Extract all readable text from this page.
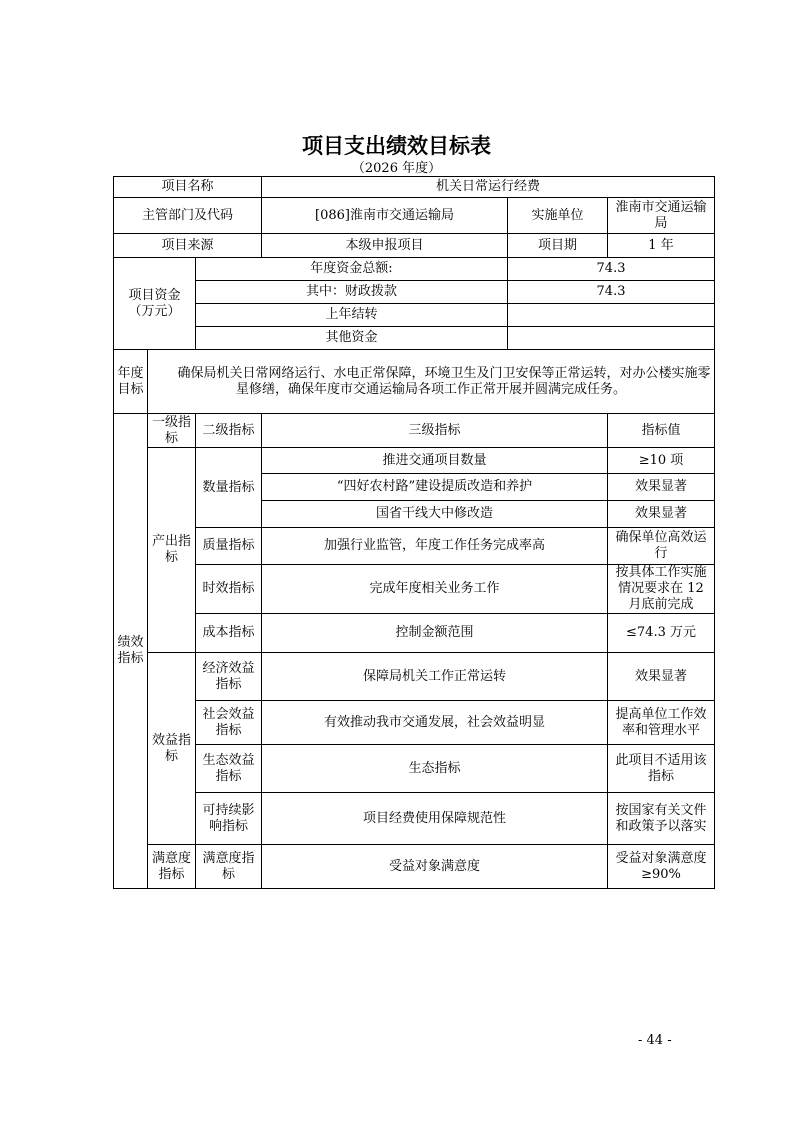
项目支出绩效目标表
（2026 年度）
项目名称			机关日常运行经费		
主管部门及代码			[086]淮南市交通运输局	实施单位	淮南市交通运输局
项目来源			本级申报项目	项目期	1 年
项目资金（万元）		年度资金总额:		74.3	
		其中：财政拨款		74.3	
		上年结转			
		其他资金			
年度目标	确保局机关日常网络运行、水电正常保障，环境卫生及门卫安保等正常运转，对办公楼实施零星修缮，确保年度市交通运输局各项工作正常开展并圆满完成任务。				
绩效指标	一级指标	二级指标	三级指标		指标值
	产出指标	数量指标	推进交通项目数量		≥10 项
			“四好农村路”建设提质改造和养护		效果显著
			国省干线大中修改造		效果显著
		质量指标	加强行业监管，年度工作任务完成率高		确保单位高效运行
		时效指标	完成年度相关业务工作		按具体工作实施情况要求在 12 月底前完成
		成本指标	控制金额范围		≤74.3 万元
	效益指标	经济效益指标	保障局机关工作正常运转		效果显著
		社会效益指标	有效推动我市交通发展，社会效益明显		提高单位工作效率和管理水平
		生态效益指标	生态指标		此项目不适用该指标
		可持续影响指标	项目经费使用保障规范性		按国家有关文件和政策予以落实
	满意度指标	满意度指标	受益对象满意度		受益对象满意度≥90%
- 44 -
